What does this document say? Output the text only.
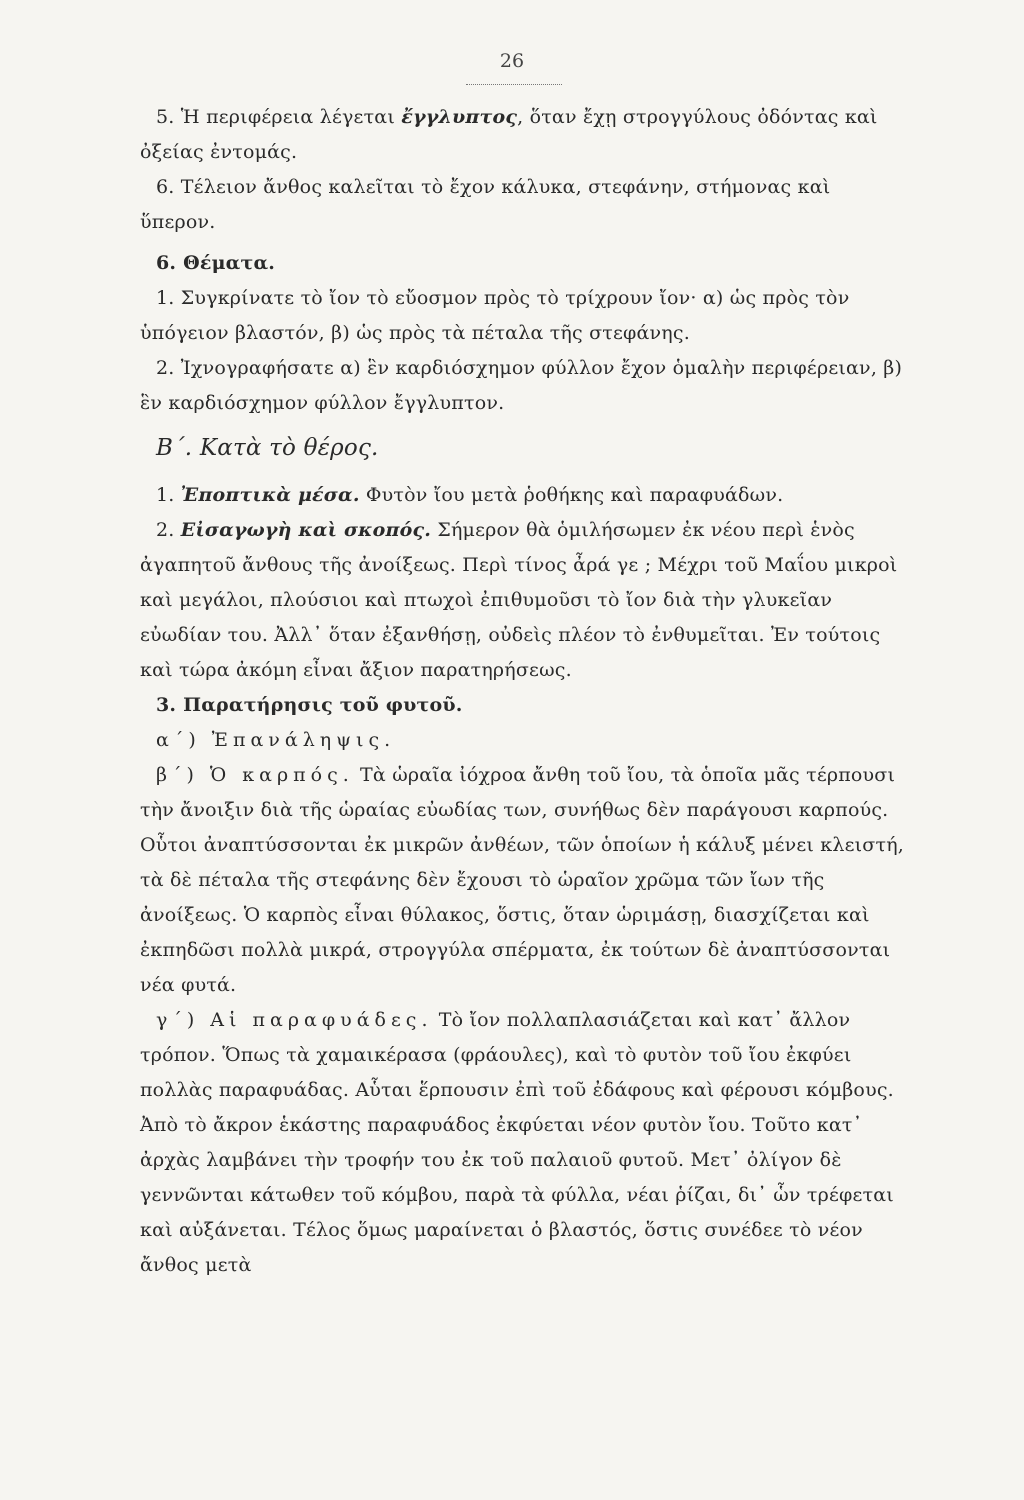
26

5. Ἡ περιφέρεια λέγεται ἔγγλυπτος, ὅταν ἔχῃ στρογγύλους ὀδόντας καὶ ὀξείας ἐντομάς.

6. Τέλειον ἄνθος καλεῖται τὸ ἔχον κάλυκα, στεφάνην, στήμονας καὶ ὕπερον.

6. Θέματα.

1. Συγκρίνατε τὸ ἴον τὸ εὔοσμον πρὸς τὸ τρίχρουν ἴον· α) ὡς πρὸς τὸν ὑπόγειον βλαστόν, β) ὡς πρὸς τὰ πέταλα τῆς στεφάνης.

2. Ἰχνογραφήσατε α) ἓν καρδιόσχημον φύλλον ἔχον ὁμαλὴν περιφέρειαν, β) ἓν καρδιόσχημον φύλλον ἔγγλυπτον.

Β΄. Κατὰ τὸ θέρος.

1. Ἐποπτικὰ μέσα. Φυτὸν ἴου μετὰ ῥοθήκης καὶ παραφυάδων.

2. Εἰσαγωγὴ καὶ σκοπός. Σήμερον θὰ ὁμιλήσωμεν ἐκ νέου περὶ ἑνὸς ἀγαπητοῦ ἄνθους τῆς ἀνοίξεως. Περὶ τίνος ἆρά γε ; Μέχρι τοῦ Μαΐου μικροὶ καὶ μεγάλοι, πλούσιοι καὶ πτωχοὶ ἐπιθυμοῦσι τὸ ἴον διὰ τὴν γλυκεῖαν εὐωδίαν του. Ἀλλ᾽ ὅταν ἐξανθήσῃ, οὐδεὶς πλέον τὸ ἐνθυμεῖται. Ἐν τούτοις καὶ τώρα ἀκόμη εἶναι ἄξιον παρατηρήσεως.

3. Παρατήρησις τοῦ φυτοῦ.

α΄) Ἐπανάληψις.

β΄) Ὁ καρπός. Τὰ ὡραῖα ἰόχροα ἄνθη τοῦ ἴου, τὰ ὁποῖα μᾶς τέρπουσι τὴν ἄνοιξιν διὰ τῆς ὡραίας εὐωδίας των, συνήθως δὲν παράγουσι καρπούς. Οὗτοι ἀναπτύσσονται ἐκ μικρῶν ἀνθέων, τῶν ὁποίων ἡ κάλυξ μένει κλειστή, τὰ δὲ πέταλα τῆς στεφάνης δὲν ἔχουσι τὸ ὡραῖον χρῶμα τῶν ἴων τῆς ἀνοίξεως. Ὁ καρπὸς εἶναι θύλακος, ὅστις, ὅταν ὡριμάσῃ, διασχίζεται καὶ ἐκπηδῶσι πολλὰ μικρά, στρογγύλα σπέρματα, ἐκ τούτων δὲ ἀναπτύσσονται νέα φυτά.

γ΄) Αἱ παραφυάδες. Τὸ ἴον πολλαπλασιάζεται καὶ κατ᾽ ἄλλον τρόπον. Ὅπως τὰ χαμαικέρασα (φράουλες), καὶ τὸ φυτὸν τοῦ ἴου ἐκφύει πολλὰς παραφυάδας. Αὗται ἕρπουσιν ἐπὶ τοῦ ἐδάφους καὶ φέρουσι κόμβους. Ἀπὸ τὸ ἄκρον ἑκάστης παραφυάδος ἐκφύεται νέον φυτὸν ἴου. Τοῦτο κατ᾽ ἀρχὰς λαμβάνει τὴν τροφήν του ἐκ τοῦ παλαιοῦ φυτοῦ. Μετ᾽ ὀλίγον δὲ γεννῶνται κάτωθεν τοῦ κόμβου, παρὰ τὰ φύλλα, νέαι ῥίζαι, δι᾽ ὧν τρέφεται καὶ αὐξάνεται. Τέλος ὅμως μαραίνεται ὁ βλαστός, ὅστις συνέδεε τὸ νέον ἄνθος μετὰ
